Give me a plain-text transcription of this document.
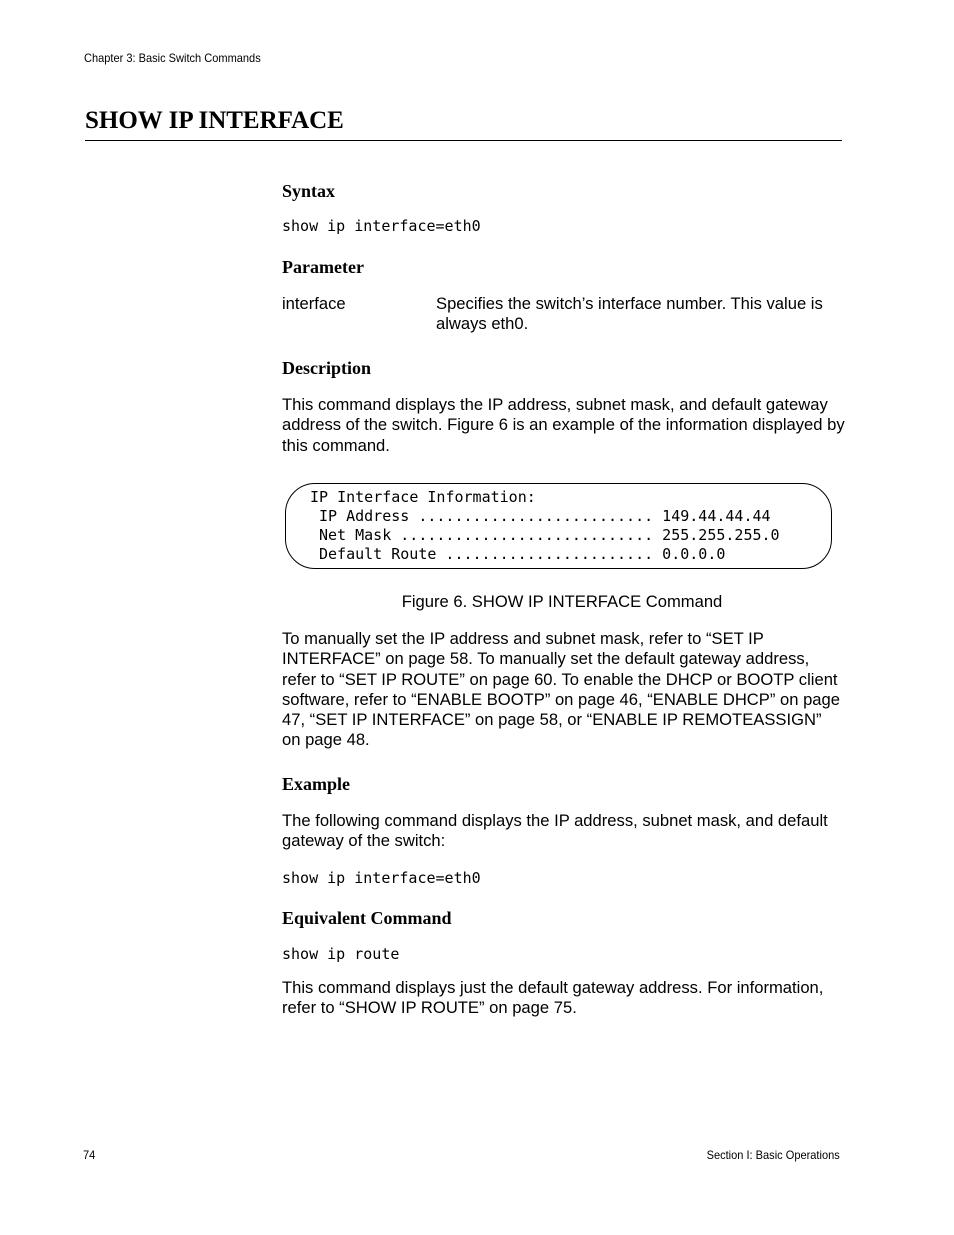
Chapter 3: Basic Switch Commands
SHOW IP INTERFACE
Syntax
show ip interface=eth0
Parameter
interface	Specifies the switch’s interface number. This value is always eth0.

Description

This command displays the IP address, subnet mask, and default gateway address of the switch. Figure 6 is an example of the information displayed by this command.

IP Interface Information:
IP Address .......................... 149.44.44.44
Net Mask ............................ 255.255.255.0
Default Route ....................... 0.0.0.0
Figure 6. SHOW IP INTERFACE Command

To manually set the IP address and subnet mask, refer to “SET IP INTERFACE” on page 58. To manually set the default gateway address, refer to “SET IP ROUTE” on page 60. To enable the DHCP or BOOTP client software, refer to “ENABLE BOOTP” on page 46, “ENABLE DHCP” on page 47, “SET IP INTERFACE” on page 58, or “ENABLE IP REMOTEASSIGN” on page 48.

Example

The following command displays the IP address, subnet mask, and default gateway of the switch:

show ip interface=eth0
Equivalent Command
show ip route

This command displays just the default gateway address. For information, refer to “SHOW IP ROUTE” on page 75.

74	Section I: Basic Operations
